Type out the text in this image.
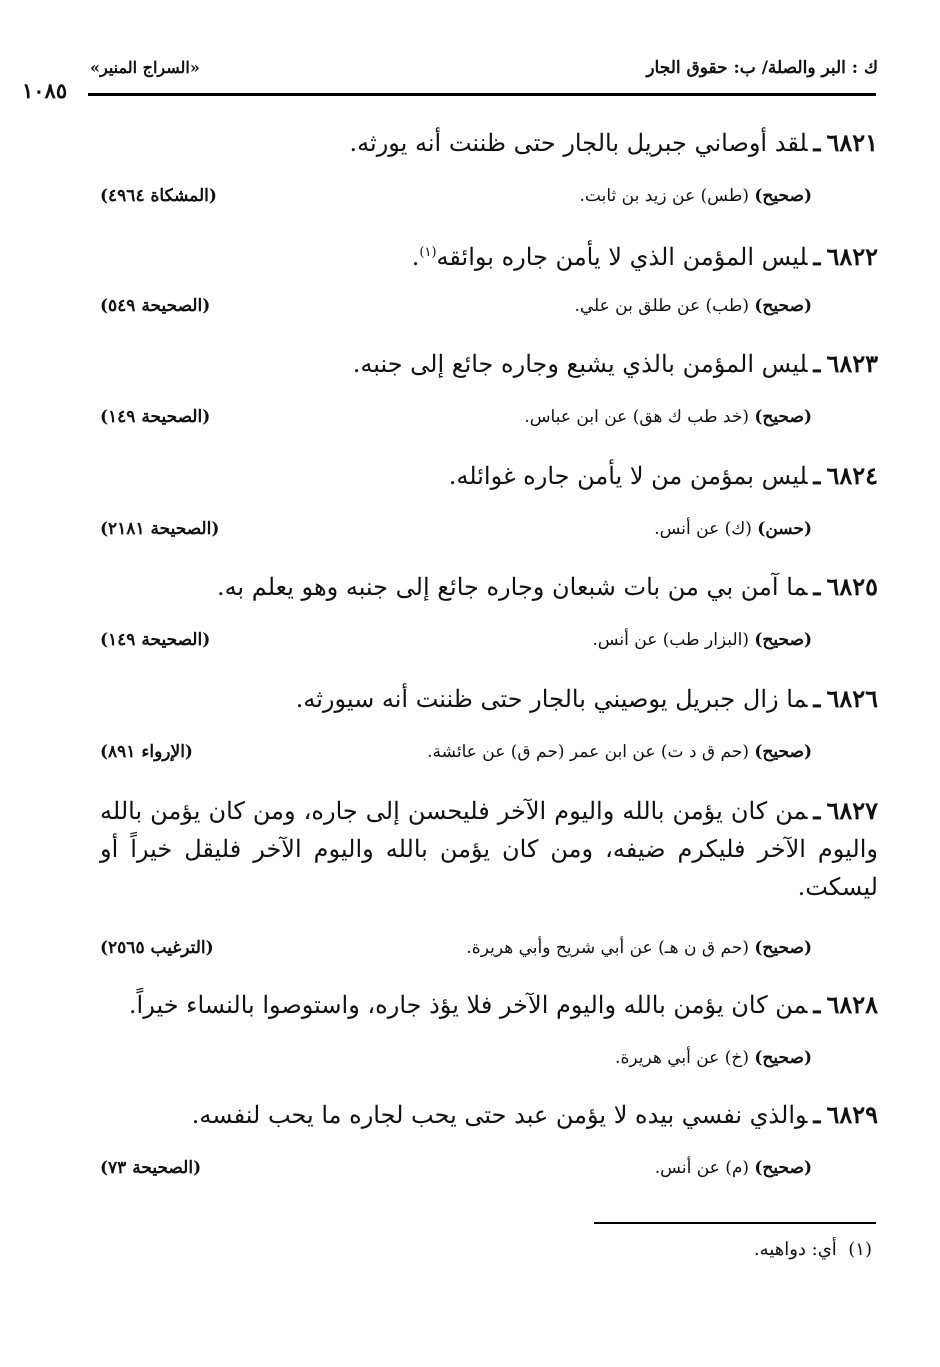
ك : البر والصلة/ ب: حقوق الجار
«السراج المنير»
١٠٨٥
٦٨٢١ـلقد أوصاني جبريل بالجار حتى ظننت أنه يورثه.
(صحيح) (طس) عن زيد بن ثابت.
(المشكاة ٤٩٦٤)
٦٨٢٢ـليس المؤمن الذي لا يأمن جاره بوائقه$^{(١)}$.
(صحيح) (طب) عن طلق بن علي.
(الصحيحة ٥٤٩)
٦٨٢٣ـليس المؤمن بالذي يشبع وجاره جائع إلى جنبه.
(صحيح) (خد طب ك هق) عن ابن عباس.
(الصحيحة ١٤٩)
٦٨٢٤ـليس بمؤمن من لا يأمن جاره غوائله.
(حسن) (ك) عن أنس.
(الصحيحة ٢١٨١)
٦٨٢٥ـما آمن بي من بات شبعان وجاره جائع إلى جنبه وهو يعلم به.
(صحيح) (البزار طب) عن أنس.
(الصحيحة ١٤٩)
٦٨٢٦ـما زال جبريل يوصيني بالجار حتى ظننت أنه سيورثه.
(صحيح) (حم ق د ت) عن ابن عمر (حم ق) عن عائشة.
(الإرواء ٨٩١)
٦٨٢٧ـمن كان يؤمن بالله واليوم الآخر فليحسن إلى جاره، ومن كان يؤمن بالله واليوم الآخر فليكرم ضيفه، ومن كان يؤمن بالله واليوم الآخر فليقل خيراً أو ليسكت.
(صحيح) (حم ق ن هـ) عن أبي شريح وأبي هريرة.
(الترغيب ٢٥٦٥)
٦٨٢٨ـمن كان يؤمن بالله واليوم الآخر فلا يؤذ جاره، واستوصوا بالنساء خيراً.
(صحيح) (خ) عن أبي هريرة.
٦٨٢٩ـوالذي نفسي بيده لا يؤمن عبد حتى يحب لجاره ما يحب لنفسه.
(صحيح) (م) عن أنس.
(الصحيحة ٧٣)
(١)  أي: دواهيه.
